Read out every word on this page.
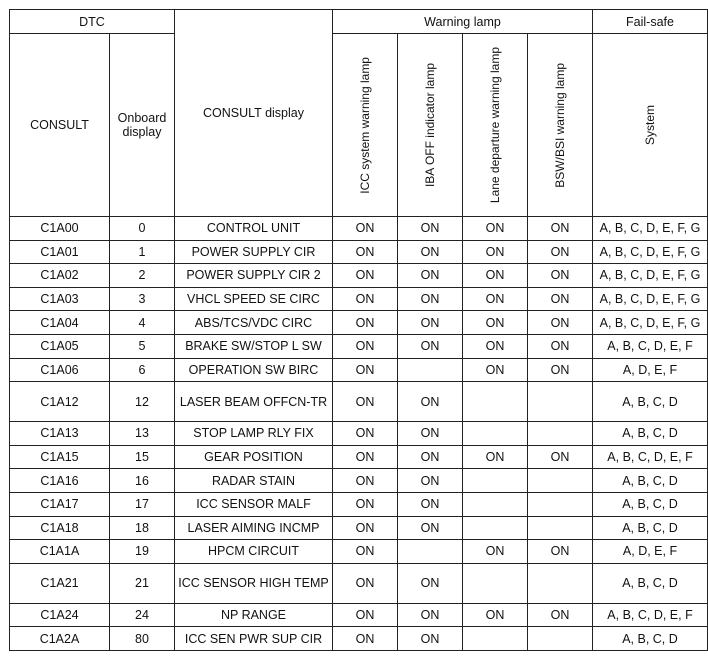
DTC		CONSULT display	Warning lamp				Fail-safe
CONSULT	Onboard display		ICC system warning lamp	IBA OFF indicator lamp	Lane departure warning lamp	BSW/BSI warning lamp	System

C1A00	0	CONTROL UNIT	ON	ON	ON	ON	A, B, C, D, E, F, G
C1A01	1	POWER SUPPLY CIR	ON	ON	ON	ON	A, B, C, D, E, F, G
C1A02	2	POWER SUPPLY CIR 2	ON	ON	ON	ON	A, B, C, D, E, F, G
C1A03	3	VHCL SPEED SE CIRC	ON	ON	ON	ON	A, B, C, D, E, F, G
C1A04	4	ABS/TCS/VDC CIRC	ON	ON	ON	ON	A, B, C, D, E, F, G
C1A05	5	BRAKE SW/STOP L SW	ON	ON	ON	ON	A, B, C, D, E, F
C1A06	6	OPERATION SW BIRC	ON		ON	ON	A, D, E, F
C1A12	12	LASER BEAM OFFCN-TR	ON	ON			A, B, C, D
C1A13	13	STOP LAMP RLY FIX	ON	ON			A, B, C, D
C1A15	15	GEAR POSITION	ON	ON	ON	ON	A, B, C, D, E, F
C1A16	16	RADAR STAIN	ON	ON			A, B, C, D
C1A17	17	ICC SENSOR MALF	ON	ON			A, B, C, D
C1A18	18	LASER AIMING INCMP	ON	ON			A, B, C, D
C1A1A	19	HPCM CIRCUIT	ON		ON	ON	A, D, E, F
C1A21	21	ICC SENSOR HIGH TEMP	ON	ON			A, B, C, D
C1A24	24	NP RANGE	ON	ON	ON	ON	A, B, C, D, E, F
C1A2A	80	ICC SEN PWR SUP CIR	ON	ON			A, B, C, D
